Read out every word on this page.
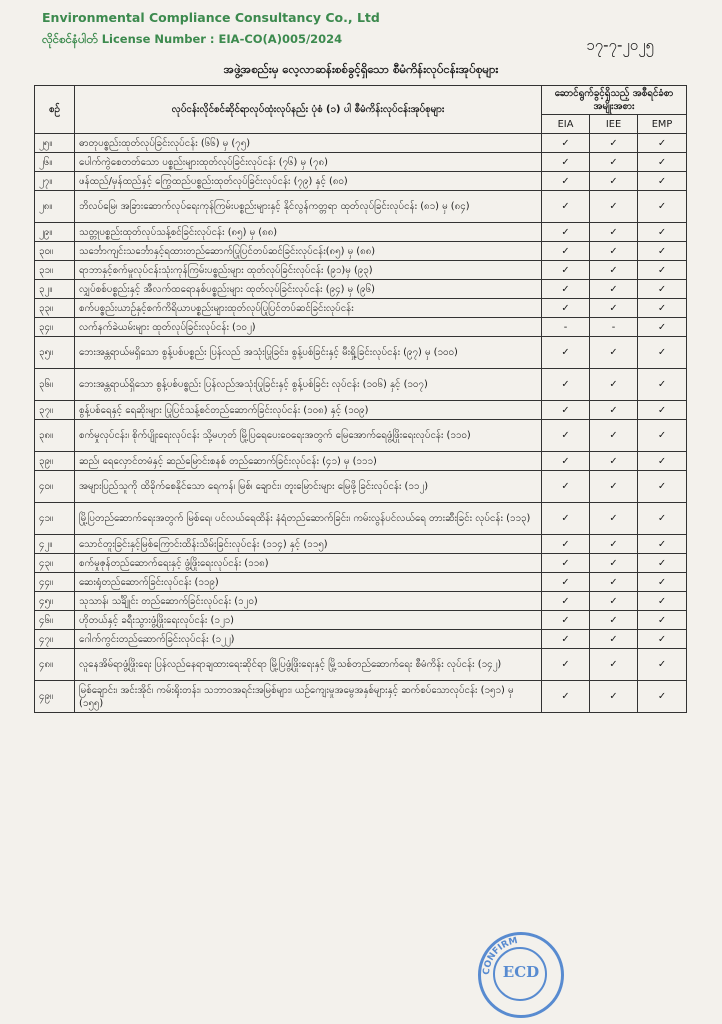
Environmental Compliance Consultancy Co., Ltd
လိုင်စင်နံပါတ် License Number : EIA-CO(A)005/2024	၁၇-၇-၂၀၂၅
အဖွဲ့အစည်းမှ လေ့လာဆန်းစစ်ခွင့်ရှိသော စီမံကိန်းလုပ်ငန်းအုပ်စုများ
စဉ်	လုပ်ငန်းလိုင်စင်ဆိုင်ရာလုပ်ထုံးလုပ်နည်း ပုံစံ (၁) ပါ စီမံကိန်းလုပ်ငန်းအုပ်စုများ	ဆောင်ရွက်ခွင့်ရှိသည့် အစီရင်ခံစာအမျိုးအစား		
		EIA	IEE	EMP
၂၅။	ဓာတုပစ္စည်းထုတ်လုပ်ခြင်းလုပ်ငန်း (၆၆) မှ (၇၅)	✓	✓	✓
၂၆။	ပေါက်ကွဲစေတတ်သော ပစ္စည်းများထုတ်လုပ်ခြင်းလုပ်ငန်း (၇၆) မှ (၇၈)	✓	✓	✓
၂၇။	ဖန်ထည်/မှန်ထည်နှင့် ကြွေထည်ပစ္စည်းထုတ်လုပ်ခြင်းလုပ်ငန်း (၇၉) နှင့် (၈၀)	✓	✓	✓
၂၈။	ဘိလပ်မြေ၊ အခြားဆောက်လုပ်ရေးကုန်ကြမ်းပစ္စည်းများနှင့် နိုင်လွန်ကတ္တရာ ထုတ်လုပ်ခြင်းလုပ်ငန်း (၈၁) မှ (၈၄)	✓	✓	✓
၂၉။	သတ္တုပစ္စည်းထုတ်လုပ်သန့်စင်ခြင်းလုပ်ငန်း (၈၅) မှ (၈၈)	✓	✓	✓
၃၀။	သင်္ဘောကျင်းသင်္ဘောနှင့်ရထားတည်ဆောက်ပြုပြင်တပ်ဆင်ခြင်းလုပ်ငန်း(၈၅) မှ (၈၈)	✓	✓	✓
၃၁။	ရာဘာနှင့်စက်မှုလုပ်ငန်းသုံးကုန်ကြမ်းပစ္စည်းများ ထုတ်လုပ်ခြင်းလုပ်ငန်း (၉၁)မှ (၉၃)	✓	✓	✓
၃၂။	လျှပ်စစ်ပစ္စည်းနှင့် အီလက်ထရောနစ်ပစ္စည်းများ ထုတ်လုပ်ခြင်းလုပ်ငန်း (၉၄) မှ (၉၆)	✓	✓	✓
၃၃။	စက်ပစ္စည်းယာဉ်နှင့်စက်ကိရိယာပစ္စည်းများထုတ်လုပ်ပြုပြင်တပ်ဆင်ခြင်းလုပ်ငန်း	✓	✓	✓
၃၄။	လက်နက်ခဲယမ်းများ ထုတ်လုပ်ခြင်းလုပ်ငန်း (၁၀၂)	-	-	✓
၃၅။	ဘေးအန္တရာယ်မရှိသော စွန့်ပစ်ပစ္စည်း ပြန်လည် အသုံးပြုခြင်း၊ စွန့်ပစ်ခြင်းနှင့် မီးရှို့ခြင်းလုပ်ငန်း (၉၇) မှ (၁၀၀)	✓	✓	✓
၃၆။	ဘေးအန္တရာယ်ရှိသော စွန့်ပစ်ပစ္စည်း ပြန်လည်အသုံးပြုခြင်းနှင့် စွန့်ပစ်ခြင်း လုပ်ငန်း (၁၀၆) နှင့် (၁၀၇)	✓	✓	✓
၃၇။	စွန့်ပစ်ရေနှင့် ရေဆိုးများ ပြုပြင်သန့်စင်တည်ဆောက်ခြင်းလုပ်ငန်း (၁၀၈) နှင့် (၁၀၉)	✓	✓	✓
၃၈။	စက်မှုလုပ်ငန်း၊ စိုက်ပျိုးရေးလုပ်ငန်း သို့မဟုတ် မြို့ပြရေပေးဝေရေးအတွက် မြေအောက်ရေဖွံ့ဖြိုးရေးလုပ်ငန်း (၁၁၀)	✓	✓	✓
၃၉။	ဆည်၊ ရေလှောင်တမံနှင့် ဆည်မြောင်းစနစ် တည်ဆောက်ခြင်းလုပ်ငန်း (၄၁) မှ (၁၁၁)	✓	✓	✓
၄၀။	အများပြည်သူကို ထိခိုက်စေနိုင်သော ရေကန်၊ မြစ်၊ ချောင်း၊ တူးမြောင်းများ မြေဖို့ခြင်းလုပ်ငန်း (၁၁၂)	✓	✓	✓
၄၁။	မြို့ပြတည်ဆောက်ရေးအတွက် မြစ်ရေ၊ ပင်လယ်ရေထိန်း နံရံတည်ဆောက်ခြင်း၊ ကမ်းလွန်ပင်လယ်ရေ တားဆီးခြင်း လုပ်ငန်း (၁၁၃)	✓	✓	✓
၄၂။	သောင်တူးခြင်းနှင့်မြစ်ကြောင်းထိန်းသိမ်းခြင်းလုပ်ငန်း (၁၁၄) နှင့် (၁၁၅)	✓	✓	✓
၄၃။	စက်မှုဇုန်တည်ဆောက်ရေးနှင့် ဖွံ့ဖြိုးရေးလုပ်ငန်း (၁၁၈)	✓	✓	✓
၄၄။	ဆေးရုံတည်ဆောက်ခြင်းလုပ်ငန်း (၁၁၉)	✓	✓	✓
၄၅။	သုသာန်၊ သင်္ချိုင်း တည်ဆောက်ခြင်းလုပ်ငန်း (၁၂၀)	✓	✓	✓
၄၆။	ဟိုတယ်နှင့် ခရီးသွားဖွံ့ဖြိုးရေးလုပ်ငန်း (၁၂၁)	✓	✓	✓
၄၇။	ဂေါက်ကွင်းတည်ဆောက်ခြင်းလုပ်ငန်း (၁၂၂)	✓	✓	✓
၄၈။	လူနေအိမ်ရာဖွံ့ဖြိုးရေး ပြန်လည်နေရာချထားရေးဆိုင်ရာ မြို့ပြဖွံ့ဖြိုးရေးနှင့် မြို့သစ်တည်ဆောက်ရေး စီမံကိန်း လုပ်ငန်း (၁၄၂)	✓	✓	✓
၄၉။	မြစ်ချောင်း၊ အင်းအိုင်၊ ကမ်းရိုးတန်း၊ သဘာဝအရင်းအမြစ်များ၊ ယဉ်ကျေးမှုအမွေအနှစ်များနှင့် ဆက်စပ်သောလုပ်ငန်း (၁၅၁) မှ (၁၅၅)	✓	✓	✓
CONFIRM
ECD
